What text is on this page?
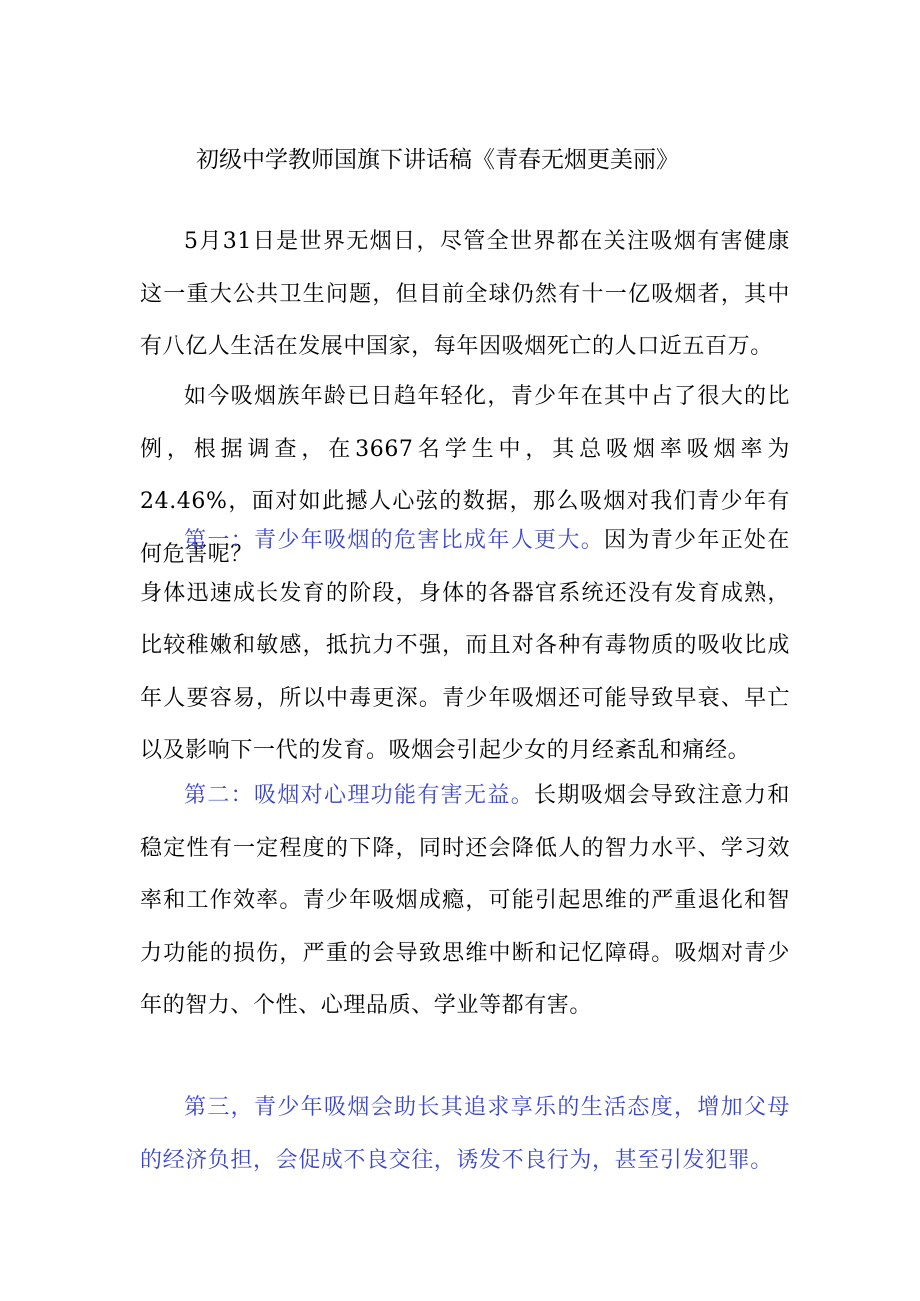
初级中学教师国旗下讲话稿《青春无烟更美丽》

5月31日是世界无烟日，尽管全世界都在关注吸烟有害健康这一重大公共卫生问题，但目前全球仍然有十一亿吸烟者，其中有八亿人生活在发展中国家，每年因吸烟死亡的人口近五百万。

如今吸烟族年龄已日趋年轻化，青少年在其中占了很大的比例，根据调查，在3667名学生中，其总吸烟率吸烟率为24.46%，面对如此撼人心弦的数据，那么吸烟对我们青少年有何危害呢？

第一：青少年吸烟的危害比成年人更大。因为青少年正处在身体迅速成长发育的阶段，身体的各器官系统还没有发育成熟，比较稚嫩和敏感，抵抗力不强，而且对各种有毒物质的吸收比成年人要容易，所以中毒更深。青少年吸烟还可能导致早衰、早亡以及影响下一代的发育。吸烟会引起少女的月经紊乱和痛经。

第二：吸烟对心理功能有害无益。长期吸烟会导致注意力和稳定性有一定程度的下降，同时还会降低人的智力水平、学习效率和工作效率。青少年吸烟成瘾，可能引起思维的严重退化和智力功能的损伤，严重的会导致思维中断和记忆障碍。吸烟对青少年的智力、个性、心理品质、学业等都有害。

第三，青少年吸烟会助长其追求享乐的生活态度，增加父母的经济负担，会促成不良交往，诱发不良行为，甚至引发犯罪。
